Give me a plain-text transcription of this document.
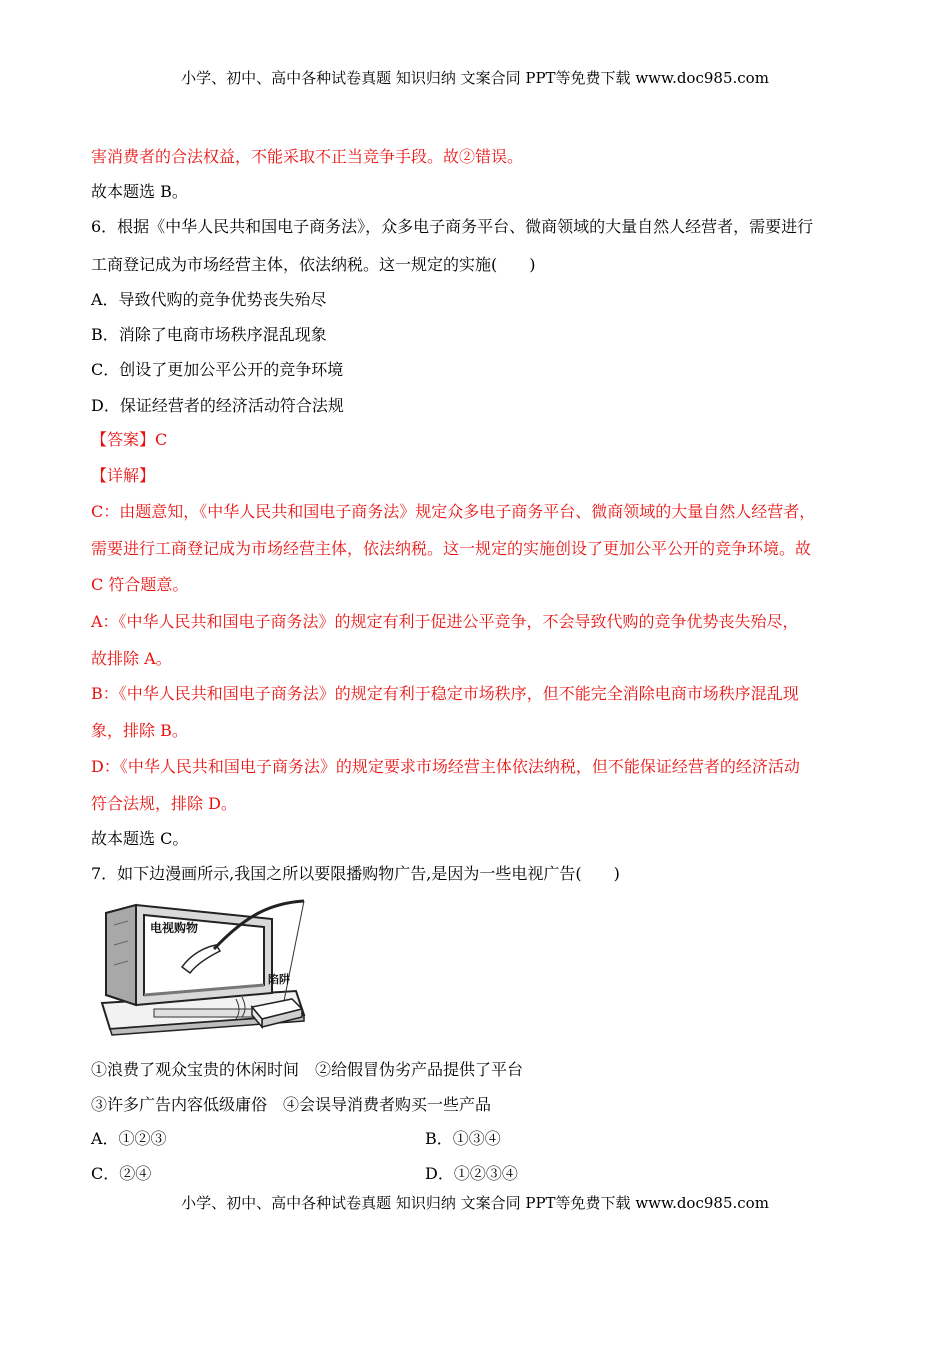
小学、初中、高中各种试卷真题 知识归纳 文案合同 PPT等免费下载 www.doc985.com
害消费者的合法权益，不能采取不正当竞争手段。故②错误。
故本题选 B。
6．根据《中华人民共和国电子商务法》，众多电子商务平台、微商领域的大量自然人经营者，需要进行
工商登记成为市场经营主体，依法纳税。这一规定的实施(　　)
A．导致代购的竞争优势丧失殆尽
B．消除了电商市场秩序混乱现象
C．创设了更加公平公开的竞争环境
D．保证经营者的经济活动符合法规
【答案】C
【详解】
C：由题意知，《中华人民共和国电子商务法》规定众多电子商务平台、微商领域的大量自然人经营者，
需要进行工商登记成为市场经营主体，依法纳税。这一规定的实施创设了更加公平公开的竞争环境。故
C 符合题意。
A：《中华人民共和国电子商务法》的规定有利于促进公平竞争，不会导致代购的竞争优势丧失殆尽，
故排除 A。
B：《中华人民共和国电子商务法》的规定有利于稳定市场秩序，但不能完全消除电商市场秩序混乱现
象，排除 B。
D：《中华人民共和国电子商务法》的规定要求市场经营主体依法纳税，但不能保证经营者的经济活动
符合法规，排除 D。
故本题选 C。
7．如下边漫画所示,我国之所以要限播购物广告,是因为一些电视广告(　　)
电视购物
陷阱
①浪费了观众宝贵的休闲时间　②给假冒伪劣产品提供了平台
③许多广告内容低级庸俗　④会误导消费者购买一些产品
A．①②③	B．①③④
C．②④	D．①②③④
小学、初中、高中各种试卷真题 知识归纳 文案合同 PPT等免费下载 www.doc985.com
